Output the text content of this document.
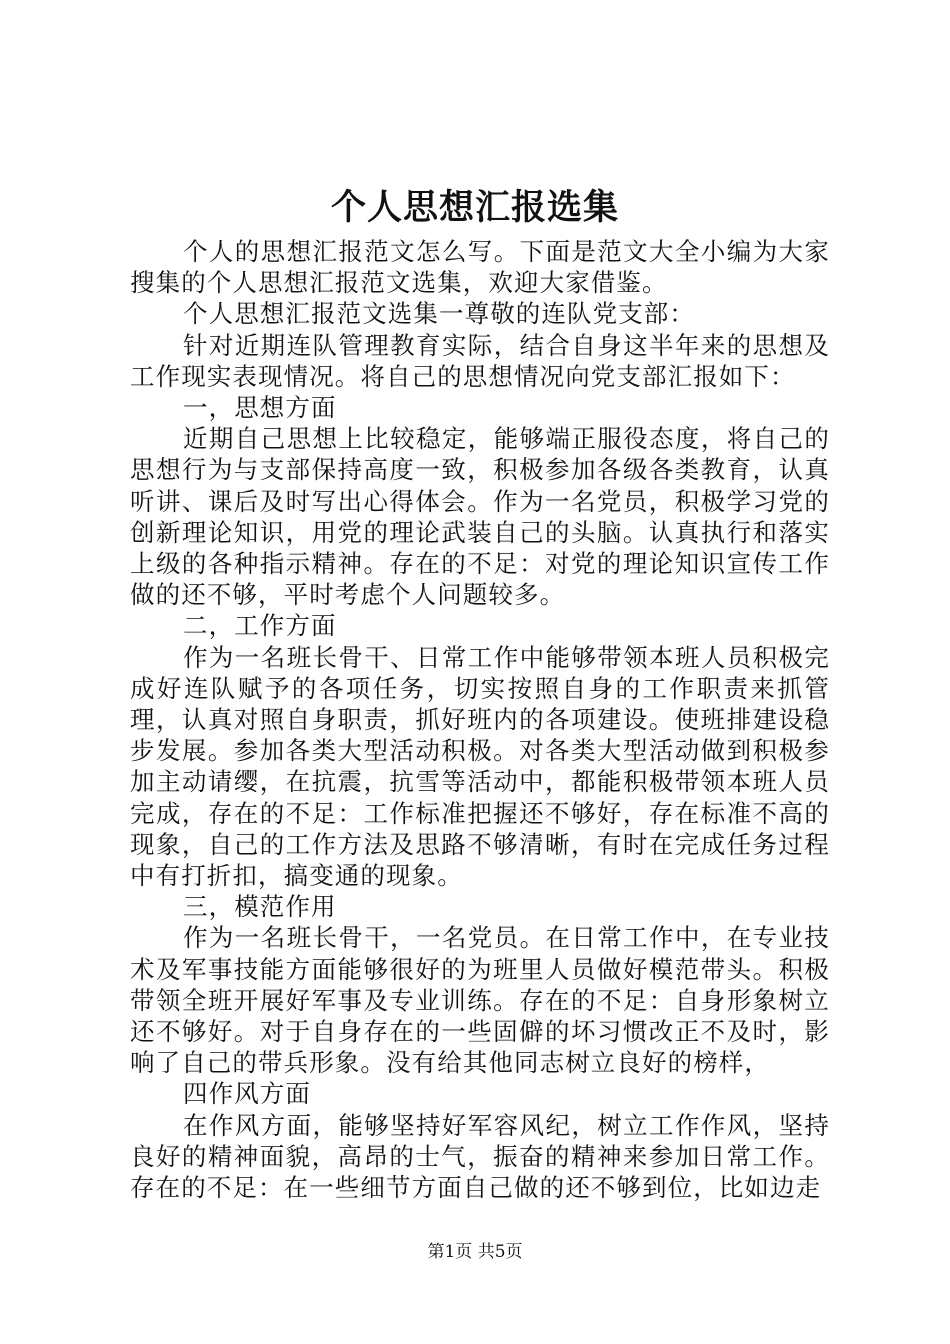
个人思想汇报选集

个人的思想汇报范文怎么写。下面是范文大全小编为大家搜集的个人思想汇报范文选集，欢迎大家借鉴。

个人思想汇报范文选集一尊敬的连队党支部：

针对近期连队管理教育实际，结合自身这半年来的思想及工作现实表现情况。将自己的思想情况向党支部汇报如下：

一，思想方面

近期自己思想上比较稳定，能够端正服役态度，将自己的思想行为与支部保持高度一致，积极参加各级各类教育，认真听讲、课后及时写出心得体会。作为一名党员，积极学习党的创新理论知识，用党的理论武装自己的头脑。认真执行和落实上级的各种指示精神。存在的不足：对党的理论知识宣传工作做的还不够，平时考虑个人问题较多。

二，工作方面

作为一名班长骨干、日常工作中能够带领本班人员积极完成好连队赋予的各项任务，切实按照自身的工作职责来抓管理，认真对照自身职责，抓好班内的各项建设。使班排建设稳步发展。参加各类大型活动积极。对各类大型活动做到积极参加主动请缨，在抗震，抗雪等活动中，都能积极带领本班人员完成，存在的不足：工作标准把握还不够好，存在标准不高的现象，自己的工作方法及思路不够清晰，有时在完成任务过程中有打折扣，搞变通的现象。

三，模范作用

作为一名班长骨干，一名党员。在日常工作中，在专业技术及军事技能方面能够很好的为班里人员做好模范带头。积极带领全班开展好军事及专业训练。存在的不足：自身形象树立还不够好。对于自身存在的一些固僻的坏习惯改正不及时，影响了自己的带兵形象。没有给其他同志树立良好的榜样，

四作风方面

在作风方面，能够坚持好军容风纪，树立工作作风，坚持良好的精神面貌，高昂的士气，振奋的精神来参加日常工作。存在的不足：在一些细节方面自己做的还不够到位，比如边走

第1页 共5页
